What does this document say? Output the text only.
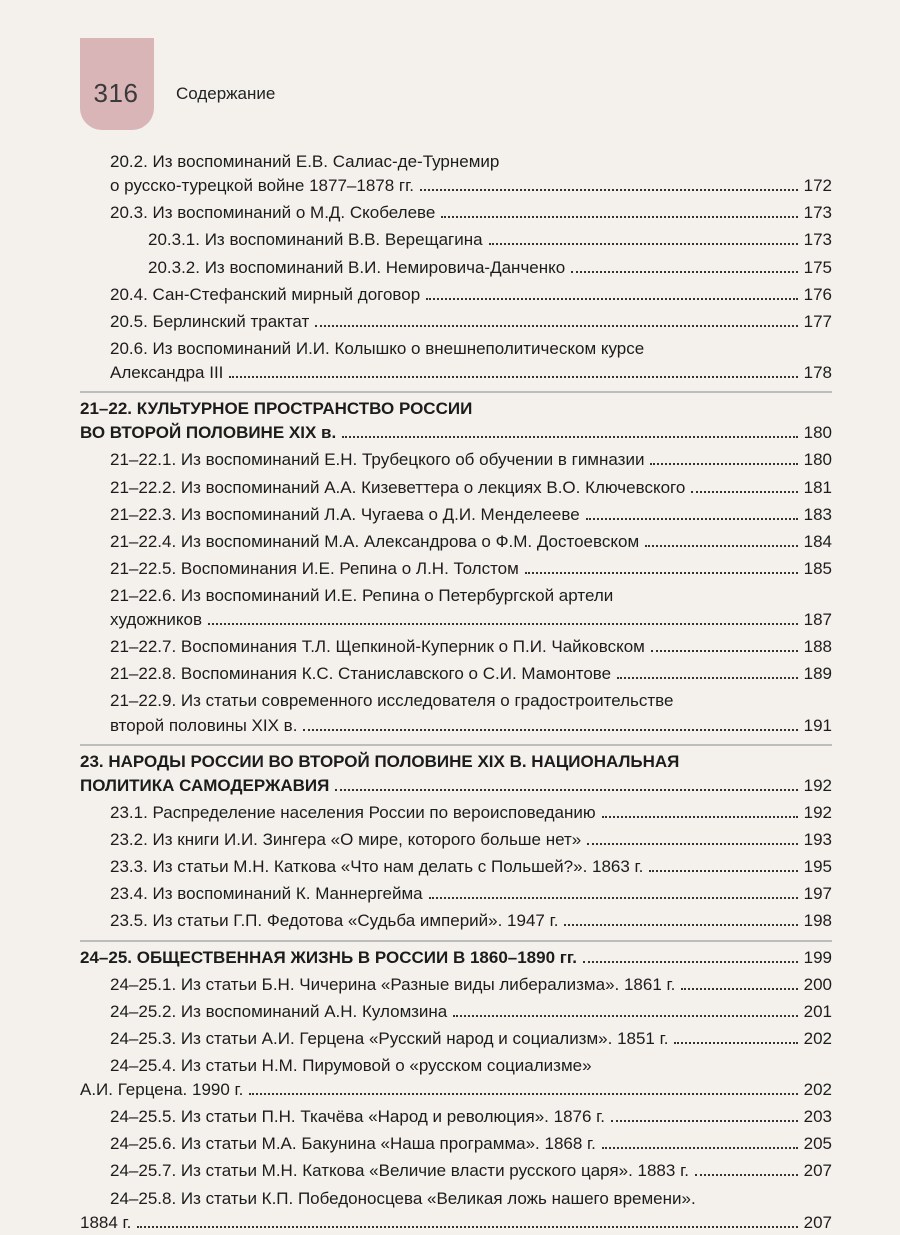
316	Содержание
20.2. Из воспоминаний Е.В. Салиас-де-Турнемир
о русско-турецкой войне 1877–1878 гг.	172
20.3. Из воспоминаний о М.Д. Скобелеве	173
20.3.1. Из воспоминаний В.В. Верещагина	173
20.3.2. Из воспоминаний В.И. Немировича-Данченко	175
20.4. Сан-Стефанский мирный договор	176
20.5. Берлинский трактат	177
20.6. Из воспоминаний И.И. Колышко о внешнеполитическом курсе
Александра III	178
21–22. КУЛЬТУРНОЕ ПРОСТРАНСТВО РОССИИ
ВО ВТОРОЙ ПОЛОВИНЕ XIX в.	180
21–22.1. Из воспоминаний Е.Н. Трубецкого об обучении в гимназии	180
21–22.2. Из воспоминаний А.А. Кизеветтера о лекциях В.О. Ключевского	181
21–22.3. Из воспоминаний Л.А. Чугаева о Д.И. Менделееве	183
21–22.4. Из воспоминаний М.А. Александрова о Ф.М. Достоевском	184
21–22.5. Воспоминания И.Е. Репина о Л.Н. Толстом	185
21–22.6. Из воспоминаний И.Е. Репина о Петербургской артели
художников	187
21–22.7. Воспоминания Т.Л. Щепкиной-Куперник о П.И. Чайковском	188
21–22.8. Воспоминания К.С. Станиславского о С.И. Мамонтове	189
21–22.9. Из статьи современного исследователя о градостроительстве
второй половины XIX в.	191
23. НАРОДЫ РОССИИ ВО ВТОРОЙ ПОЛОВИНЕ XIX В. НАЦИОНАЛЬНАЯ
ПОЛИТИКА САМОДЕРЖАВИЯ	192
23.1. Распределение населения России по вероисповеданию	192
23.2. Из книги И.И. Зингера «О мире, которого больше нет»	193
23.3. Из статьи М.Н. Каткова «Что нам делать с Польшей?». 1863 г.	195
23.4. Из воспоминаний К. Маннергейма	197
23.5. Из статьи Г.П. Федотова «Судьба империй». 1947 г.	198
24–25. ОБЩЕСТВЕННАЯ ЖИЗНЬ В РОССИИ В 1860–1890 гг.	199
24–25.1. Из статьи Б.Н. Чичерина «Разные виды либерализма». 1861 г.	200
24–25.2. Из воспоминаний А.Н. Куломзина	201
24–25.3. Из статьи А.И. Герцена «Русский народ и социализм». 1851 г.	202
24–25.4. Из статьи Н.М. Пирумовой о «русском социализме»
А.И. Герцена. 1990 г.	202
24–25.5. Из статьи П.Н. Ткачёва «Народ и революция». 1876 г.	203
24–25.6. Из статьи М.А. Бакунина «Наша программа». 1868 г.	205
24–25.7. Из статьи М.Н. Каткова «Величие власти русского царя». 1883 г.	207
24–25.8. Из статьи К.П. Победоносцева «Великая ложь нашего времени».
1884 г.	207
